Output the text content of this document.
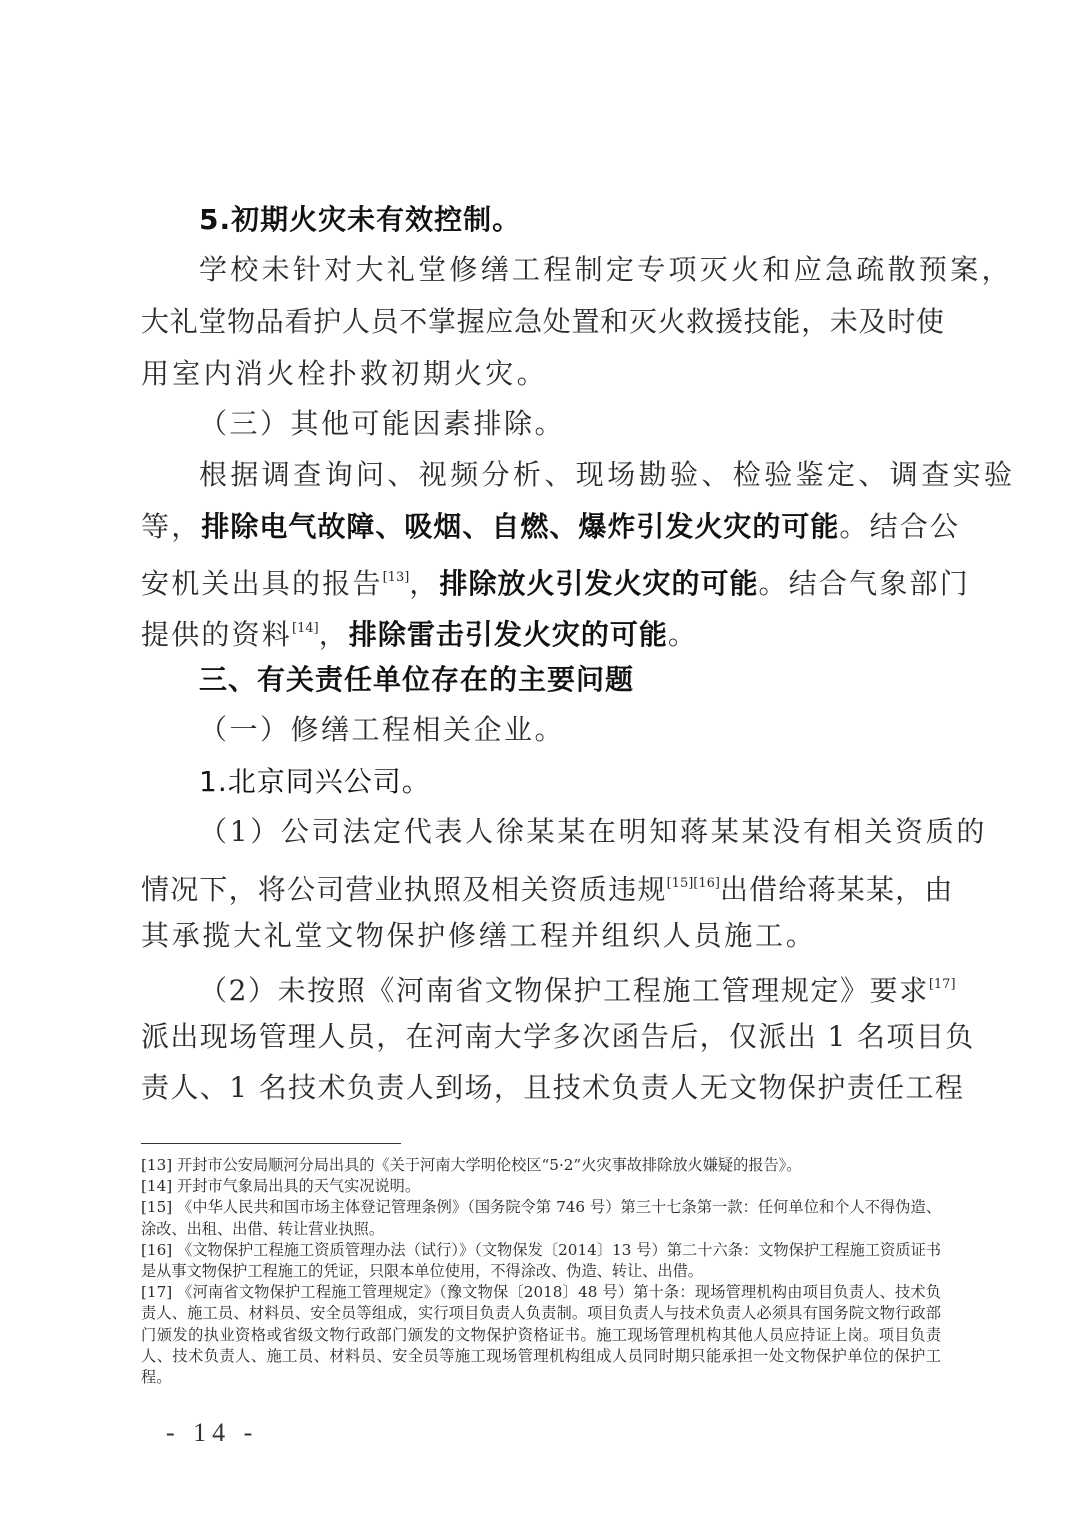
5.初期火灾未有效控制。
学校未针对大礼堂修缮工程制定专项灭火和应急疏散预案，
大礼堂物品看护人员不掌握应急处置和灭火救援技能，未及时使
用室内消火栓扑救初期火灾。
（三）其他可能因素排除。
根据调查询问、视频分析、现场勘验、检验鉴定、调查实验
等，排除电气故障、吸烟、自燃、爆炸引发火灾的可能。结合公
安机关出具的报告[13]，排除放火引发火灾的可能。结合气象部门
提供的资料[14]，排除雷击引发火灾的可能。
三、有关责任单位存在的主要问题
（一）修缮工程相关企业。
1.北京同兴公司。
（1）公司法定代表人徐某某在明知蒋某某没有相关资质的
情况下，将公司营业执照及相关资质违规[15][16]出借给蒋某某，由
其承揽大礼堂文物保护修缮工程并组织人员施工。
（2）未按照《河南省文物保护工程施工管理规定》要求[17]
派出现场管理人员，在河南大学多次函告后，仅派出 1 名项目负
责人、1 名技术负责人到场，且技术负责人无文物保护责任工程
[13] 开封市公安局顺河分局出具的《关于河南大学明伦校区“5·2”火灾事故排除放火嫌疑的报告》。
[14] 开封市气象局出具的天气实况说明。
[15] 《中华人民共和国市场主体登记管理条例》（国务院令第 746 号）第三十七条第一款：任何单位和个人不得伪造、涂改、出租、出借、转让营业执照。
[16] 《文物保护工程施工资质管理办法（试行）》（文物保发〔2014〕13 号）第二十六条：文物保护工程施工资质证书是从事文物保护工程施工的凭证，只限本单位使用，不得涂改、伪造、转让、出借。
[17] 《河南省文物保护工程施工管理规定》（豫文物保〔2018〕48 号）第十条：现场管理机构由项目负责人、技术负责人、施工员、材料员、安全员等组成，实行项目负责人负责制。项目负责人与技术负责人必须具有国务院文物行政部门颁发的执业资格或省级文物行政部门颁发的文物保护资格证书。施工现场管理机构其他人员应持证上岗。项目负责人、技术负责人、施工员、材料员、安全员等施工现场管理机构组成人员同时期只能承担一处文物保护单位的保护工程。
- 14 -
